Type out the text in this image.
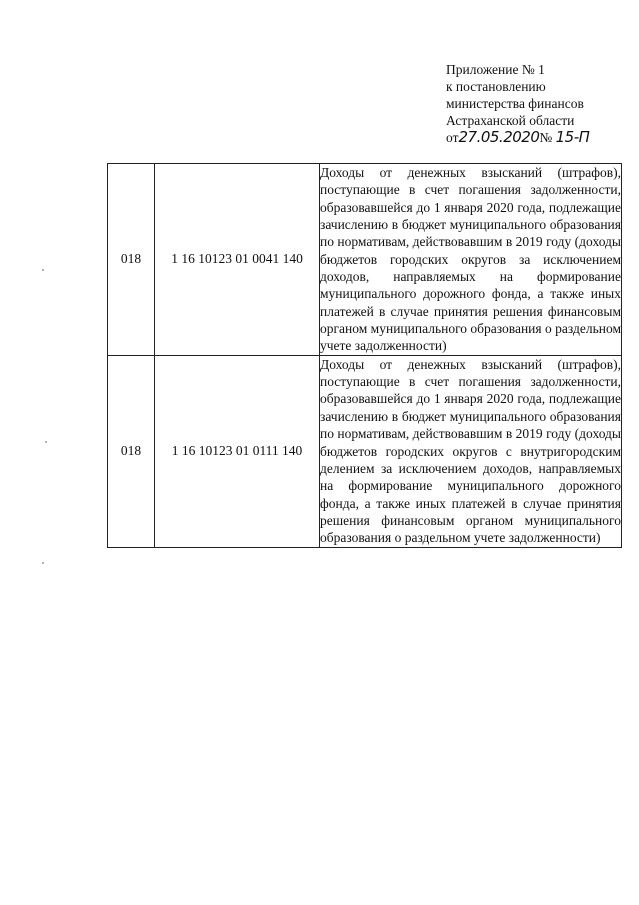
Приложение № 1
к постановлению
министерства финансов
Астраханской области
от27.05.2020№ 15-П
018	1 16 10123 01 0041 140	Доходы от денежных взысканий (штрафов), поступающие в счет погашения задолженности, образовавшейся до 1 января 2020 года, подлежащие зачислению в бюджет муниципального образования по нормативам, действовавшим в 2019 году (доходы бюджетов городских округов за исключением доходов, направляемых на формирование муниципального дорожного фонда, а также иных платежей в случае принятия решения финансовым органом муниципального образования о раздельном учете задолженности)
018	1 16 10123 01 0111 140	Доходы от денежных взысканий (штрафов), поступающие в счет погашения задолженности, образовавшейся до 1 января 2020 года, подлежащие зачислению в бюджет муниципального образования по нормативам, действовавшим в 2019 году (доходы бюджетов городских округов с внутригородским делением за исключением доходов, направляемых на формирование муниципального дорожного фонда, а также иных платежей в случае принятия решения финансовым органом муниципального образования о раздельном учете задолженности)
